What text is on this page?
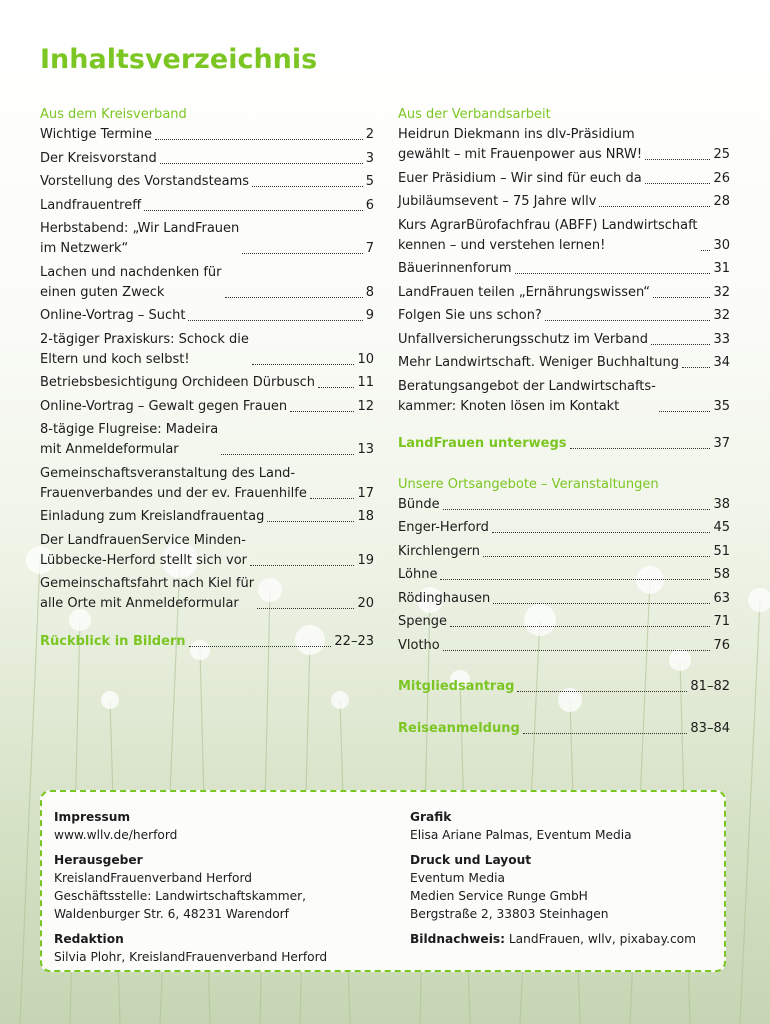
Inhaltsverzeichnis
Aus dem Kreisverband
Wichtige Termine	2
Der Kreisvorstand	3
Vorstellung des Vorstandsteams	5
Landfrauentreff	6
Herbstabend: „Wir LandFrauen
im Netzwerk“	7
Lachen und nachdenken für
einen guten Zweck	8
Online-Vortrag – Sucht	9
2-tägiger Praxiskurs: Schock die
Eltern und koch selbst!	10
Betriebsbesichtigung Orchideen Dürbusch	11
Online-Vortrag – Gewalt gegen Frauen	12
8-tägige Flugreise: Madeira
mit Anmeldeformular	13
Gemeinschaftsveranstaltung des Land-
Frauenverbandes und der ev. Frauenhilfe	17
Einladung zum Kreislandfrauentag	18
Der LandfrauenService Minden-
Lübbecke-Herford stellt sich vor	19
Gemeinschaftsfahrt nach Kiel für
alle Orte mit Anmeldeformular	20
Rückblick in Bildern	22–23
Aus der Verbandsarbeit
Heidrun Diekmann ins dlv-Präsidium
gewählt – mit Frauenpower aus NRW!	25
Euer Präsidium – Wir sind für euch da	26
Jubiläumsevent – 75 Jahre wllv	28
Kurs AgrarBürofachfrau (ABFF) Landwirtschaft
kennen – und verstehen lernen!	30
Bäuerinnenforum	31
LandFrauen teilen „Ernährungswissen“	32
Folgen Sie uns schon?	32
Unfallversicherungsschutz im Verband	33
Mehr Landwirtschaft. Weniger Buchhaltung	34
Beratungsangebot der Landwirtschafts-
kammer: Knoten lösen im Kontakt	35
LandFrauen unterwegs	37
Unsere Ortsangebote – Veranstaltungen
Bünde	38
Enger-Herford	45
Kirchlengern	51
Löhne	58
Rödinghausen	63
Spenge	71
Vlotho	76
Mitgliedsantrag	81–82
Reiseanmeldung	83–84
Impressum
www.wllv.de/herford
Herausgeber
KreislandFrauenverband Herford
Geschäftsstelle: Landwirtschaftskammer,
Waldenburger Str. 6, 48231 Warendorf
Redaktion
Silvia Plohr, KreislandFrauenverband Herford
Grafik
Elisa Ariane Palmas, Eventum Media
Druck und Layout
Eventum Media
Medien Service Runge GmbH
Bergstraße 2, 33803 Steinhagen
Bildnachweis: LandFrauen, wllv, pixabay.com
